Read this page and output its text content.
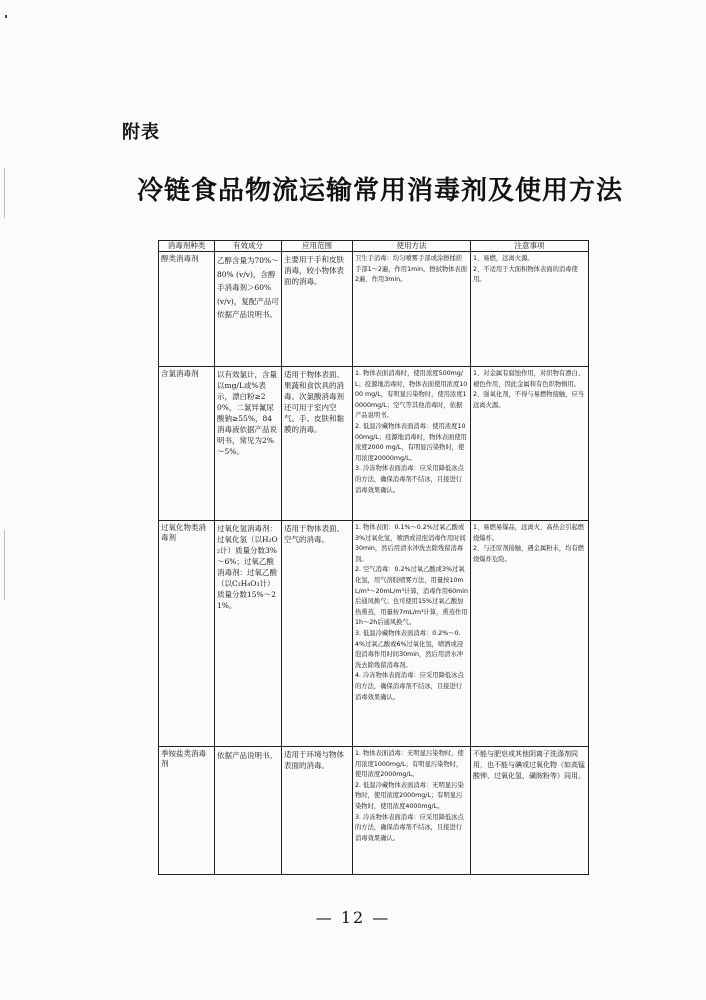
附表
冷链食品物流运输常用消毒剂及使用方法
消毒剂种类	有效成分	应用范围	使用方法	注意事项

醇类消毒剂	乙醇含量为70%～80% (v/v)，含醇手消毒剂＞60% (v/v)，复配产品可依据产品说明书。	主要用于手和皮肤消毒，较小物体表面的消毒。	卫生手消毒：均匀喷雾手部或涂擦揉搓手部1～2遍，作用1min。擦拭物体表面2遍，作用3min。	1、易燃，远离火源。
2、不适用于大面积物体表面的消毒使用。

含氯消毒剂	以有效氯计，含量以mg/L或%表示，漂白粉≥20%，二氯异氰尿酸钠≥55%，84消毒液依据产品说明书，常见为2%～5%。	适用于物体表面、果蔬和食饮具的消毒。次氯酸消毒剂还可用于室内空气、手、皮肤和黏膜的消毒。	1. 物体表面消毒时，使用浓度500mg/L；疫源地消毒时，物体表面使用浓度1000 mg/L，有明显污染物时，使用浓度10000mg/L；空气等其他消毒时，依据产品说明书。
2. 低温冷藏物体表面消毒：使用浓度1000mg/L；疫源地消毒时，物体表面使用浓度2000 mg/L，有明显污染物时，使用浓度20000mg/L。
3. 冷冻物体表面消毒：应采用降低冰点的方法，确保消毒剂不结冰，且接进行消毒效果确认。	1、对金属有腐蚀作用，对织物有漂白、褪色作用，因此金属和有色织物慎用。
2、强氧化剂，不得与易燃物接触，应当远离火源。

过氧化物类消毒剂	过氧化氢消毒剂：过氧化氢（以H₂O₂计）质量分数3%～6%；过氧乙酸消毒剂：过氧乙酸（以C₂H₄O₃计）质量分数15%～21%。	适用于物体表面、空气的消毒。	1. 物体表面：0.1%～0.2%过氧乙酸或3%过氧化氢，喷洒或浸泡消毒作用时间30min，然后用清水冲洗去除残留消毒剂。
2. 空气消毒：0.2%过氧乙酸或3%过氧化氢，用气溶胶喷雾方法，用量按10mL/m³～20mL/m³计算，消毒作用60min后通风换气；也可使用15%过氧乙酸加热熏蒸，用量按7mL/m³计算，熏蒸作用1h～2h后通风换气。
3. 低温冷藏物体表面消毒：0.2%～0.4%过氧乙酸或6%过氧化氢，喷洒或浸泡消毒作用时间30min，然后用清水冲洗去除残留消毒剂。
4. 冷冻物体表面消毒：应采用降低冰点的方法，确保消毒剂不结冰，且接进行消毒效果确认。	1、易燃易爆品，远离火、高热会引起燃烧爆炸。
2、与还原剂接触，遇金属粉末，均有燃烧爆炸危险。

季铵盐类消毒剂	依据产品说明书。	适用于环境与物体表面的消毒。	1. 物体表面消毒：无明显污染物时，使用浓度1000mg/L；有明显污染物时，使用浓度2000mg/L。
2. 低温冷藏物体表面消毒：无明显污染物时，使用浓度2000mg/L；有明显污染物时，使用浓度4000mg/L。
3. 冷冻物体表面消毒：应采用降低冰点的方法，确保消毒剂不结冰，且接进行消毒效果确认。	不能与肥皂或其他阴离子洗涤剂同用，也不能与碘或过氧化物（如高锰酸钾、过氧化氢、磺胺粉等）同用。
— 12 —
